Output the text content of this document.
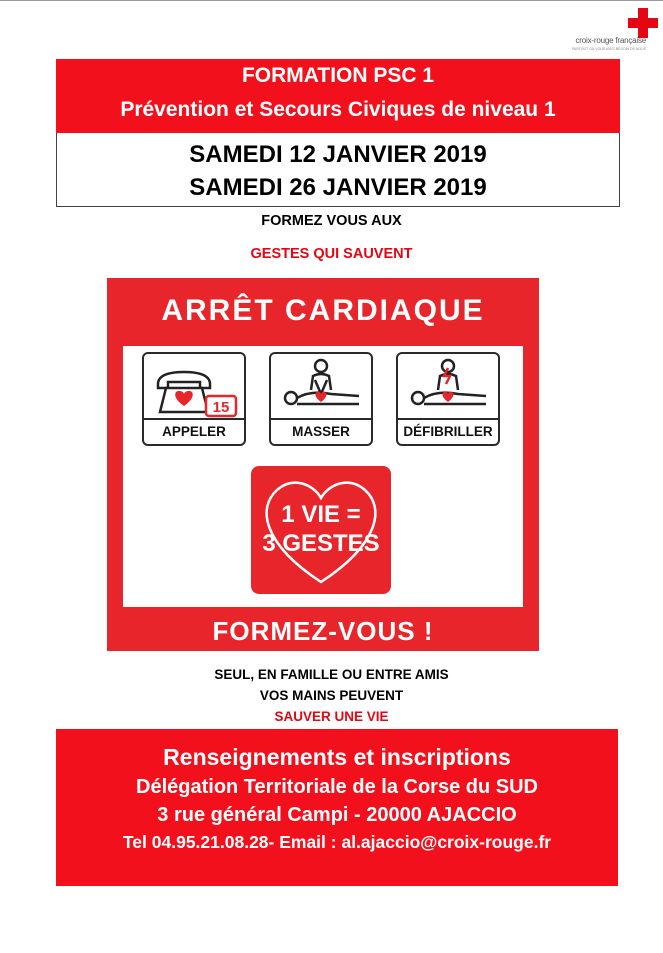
croix-rouge française
PARTOUT OÙ VOUS AVEZ BESOIN DE NOUS
FORMATION PSC 1
Prévention et Secours Civiques de niveau 1
SAMEDI 12 JANVIER 2019
SAMEDI 26 JANVIER 2019
FORMEZ VOUS AUX
GESTES QUI SAUVENT
ARRÊT CARDIAQUE
15
APPELER	MASSER	DÉFIBRILLER
1 VIE =
3 GESTES
FORMEZ-VOUS !
SEUL, EN FAMILLE OU ENTRE AMIS
VOS MAINS PEUVENT
SAUVER UNE VIE
Renseignements et inscriptions
Délégation Territoriale de la Corse du SUD
3 rue général Campi - 20000 AJACCIO
Tel 04.95.21.08.28- Email : al.ajaccio@croix-rouge.fr
